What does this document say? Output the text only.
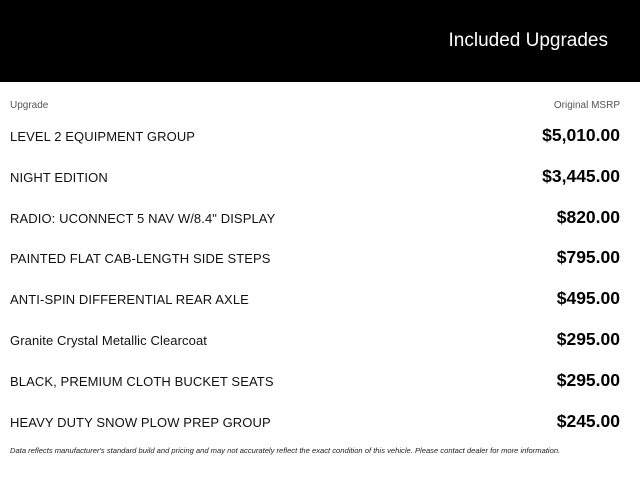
Included Upgrades
Upgrade	Original MSRP
LEVEL 2 EQUIPMENT GROUP	$5,010.00
NIGHT EDITION	$3,445.00
RADIO: UCONNECT 5 NAV W/8.4" DISPLAY	$820.00
PAINTED FLAT CAB-LENGTH SIDE STEPS	$795.00
ANTI-SPIN DIFFERENTIAL REAR AXLE	$495.00
Granite Crystal Metallic Clearcoat	$295.00
BLACK, PREMIUM CLOTH BUCKET SEATS	$295.00
HEAVY DUTY SNOW PLOW PREP GROUP	$245.00
Data reflects manufacturer's standard build and pricing and may not accurately reflect the exact condition of this vehicle. Please contact dealer for more information.
